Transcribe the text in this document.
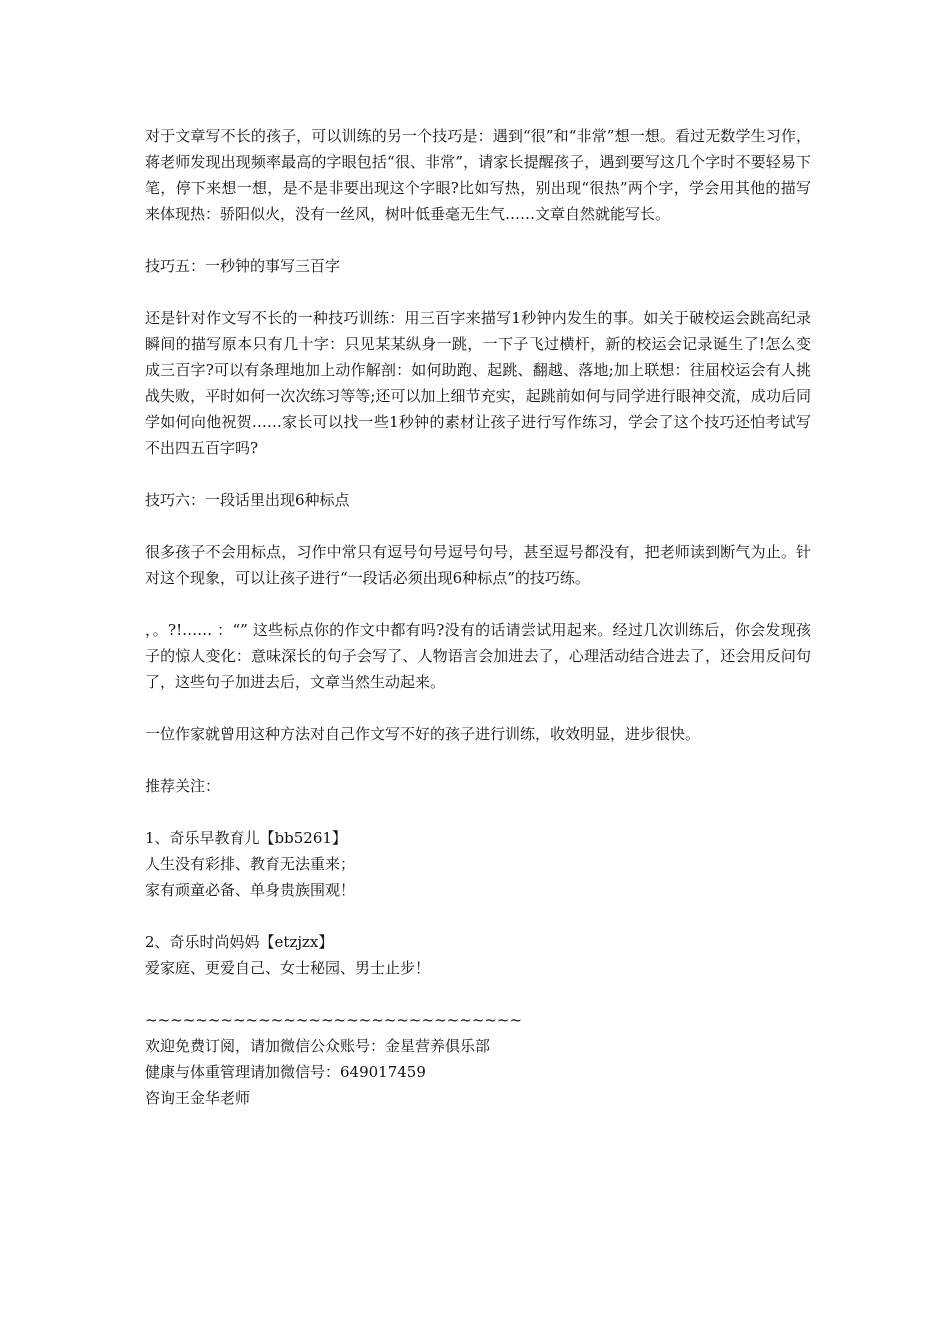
对于文章写不长的孩子，可以训练的另一个技巧是：遇到“很”和“非常”想一想。看过无数学生习作，蒋老师发现出现频率最高的字眼包括“很、非常”，请家长提醒孩子，遇到要写这几个字时不要轻易下笔，停下来想一想，是不是非要出现这个字眼?比如写热，别出现“很热”两个字，学会用其他的描写来体现热：骄阳似火，没有一丝风，树叶低垂毫无生气……文章自然就能写长。

技巧五：一秒钟的事写三百字

还是针对作文写不长的一种技巧训练：用三百字来描写1秒钟内发生的事。如关于破校运会跳高纪录瞬间的描写原本只有几十字：只见某某纵身一跳，一下子飞过横杆，新的校运会记录诞生了!怎么变成三百字?可以有条理地加上动作解剖：如何助跑、起跳、翻越、落地;加上联想：往届校运会有人挑战失败，平时如何一次次练习等等;还可以加上细节充实，起跳前如何与同学进行眼神交流，成功后同学如何向他祝贺……家长可以找一些1秒钟的素材让孩子进行写作练习，学会了这个技巧还怕考试写不出四五百字吗?

技巧六：一段话里出现6种标点

很多孩子不会用标点，习作中常只有逗号句号逗号句号，甚至逗号都没有，把老师读到断气为止。针对这个现象，可以让孩子进行“一段话必须出现6种标点”的技巧练。

，。?!…… ：“” 这些标点你的作文中都有吗?没有的话请尝试用起来。经过几次训练后，你会发现孩子的惊人变化：意味深长的句子会写了、人物语言会加进去了，心理活动结合进去了，还会用反问句了，这些句子加进去后，文章当然生动起来。

一位作家就曾用这种方法对自己作文写不好的孩子进行训练，收效明显，进步很快。

推荐关注：

1、奇乐早教育儿【bb5261】
人生没有彩排、教育无法重来；
家有顽童必备、单身贵族围观！
2、奇乐时尚妈妈【etzjzx】
爱家庭、更爱自己、女士秘园、男士止步！
~~~~~~~~~~~~~~~~~~~~~~~~~~~~~~
欢迎免费订阅，请加微信公众账号：金星营养俱乐部
健康与体重管理请加微信号：649017459
咨询王金华老师
